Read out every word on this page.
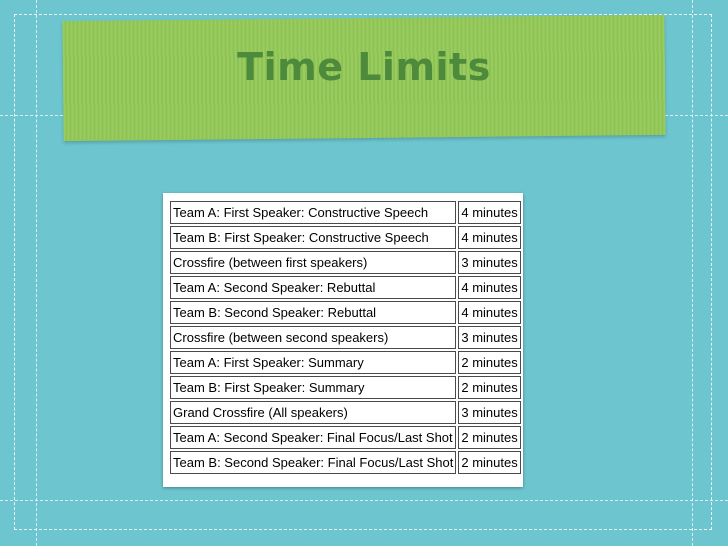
Time Limits
Team A: First Speaker: Constructive Speech	4 minutes
Team B: First Speaker: Constructive Speech	4 minutes
Crossfire (between first speakers)	3 minutes
Team A: Second Speaker: Rebuttal	4 minutes
Team B: Second Speaker: Rebuttal	4 minutes
Crossfire (between second speakers)	3 minutes
Team A: First Speaker: Summary	2 minutes
Team B: First Speaker: Summary	2 minutes
Grand Crossfire (All speakers)	3 minutes
Team A: Second Speaker: Final Focus/Last Shot	2 minutes
Team B: Second Speaker: Final Focus/Last Shot	2 minutes
